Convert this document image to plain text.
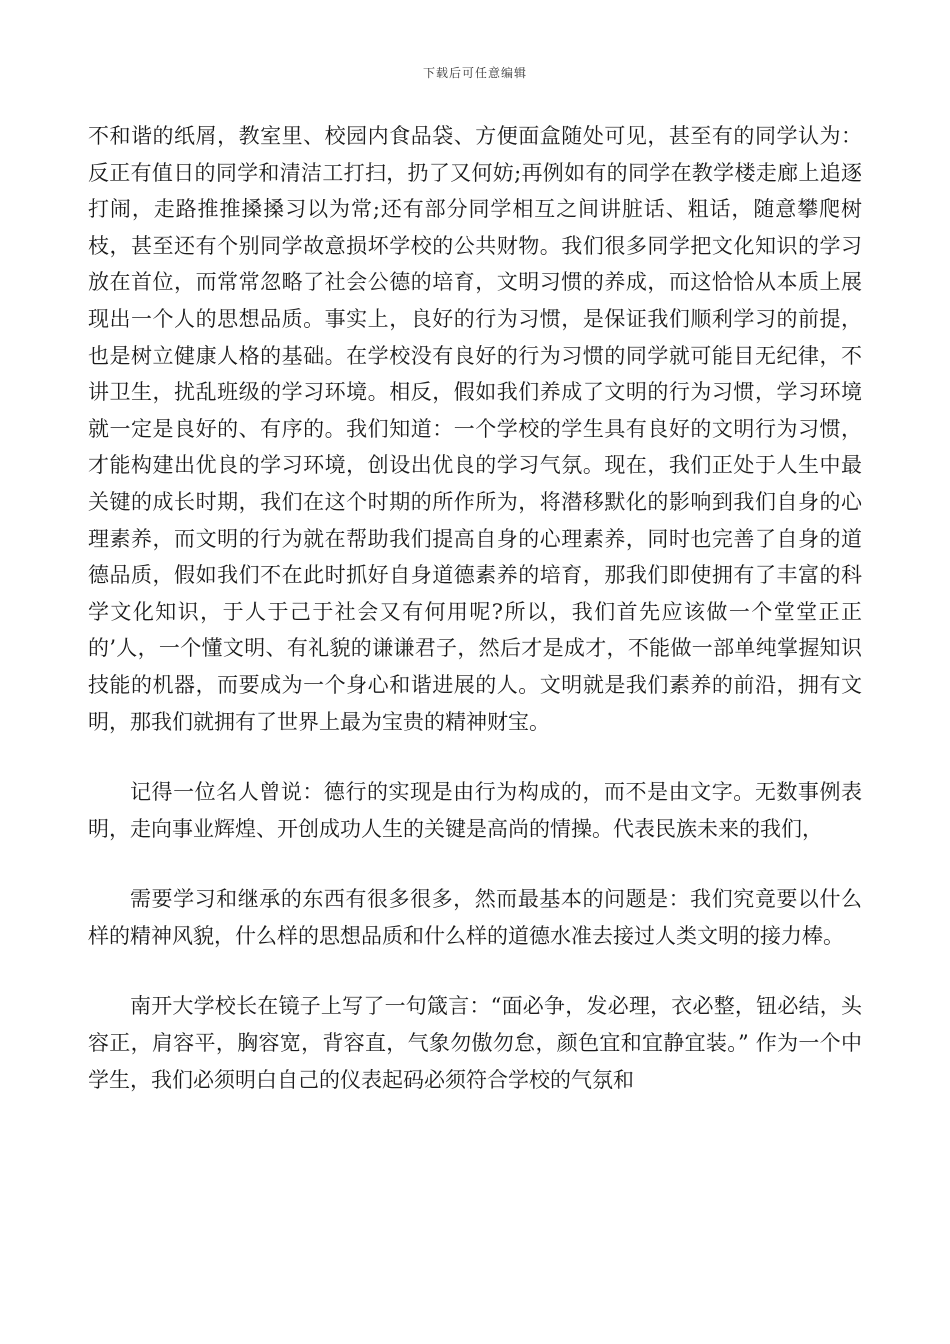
下载后可任意编辑

不和谐的纸屑，教室里、校园内食品袋、方便面盒随处可见，甚至有的同学认为：反正有值日的同学和清洁工打扫，扔了又何妨;再例如有的同学在教学楼走廊上追逐打闹，走路推推搡搡习以为常;还有部分同学相互之间讲脏话、粗话，随意攀爬树枝，甚至还有个别同学故意损坏学校的公共财物。我们很多同学把文化知识的学习放在首位，而常常忽略了社会公德的培育，文明习惯的养成，而这恰恰从本质上展现出一个人的思想品质。事实上，良好的行为习惯，是保证我们顺利学习的前提，也是树立健康人格的基础。在学校没有良好的行为习惯的同学就可能目无纪律，不讲卫生，扰乱班级的学习环境。相反，假如我们养成了文明的行为习惯，学习环境就一定是良好的、有序的。我们知道：一个学校的学生具有良好的文明行为习惯，才能构建出优良的学习环境，创设出优良的学习气氛。现在，我们正处于人生中最关键的成长时期，我们在这个时期的所作所为，将潜移默化的影响到我们自身的心理素养，而文明的行为就在帮助我们提高自身的心理素养，同时也完善了自身的道德品质，假如我们不在此时抓好自身道德素养的培育，那我们即使拥有了丰富的科学文化知识，于人于己于社会又有何用呢?所以，我们首先应该做一个堂堂正正的’人，一个懂文明、有礼貌的谦谦君子，然后才是成才，不能做一部单纯掌握知识技能的机器，而要成为一个身心和谐进展的人。文明就是我们素养的前沿，拥有文明，那我们就拥有了世界上最为宝贵的精神财宝。

记得一位名人曾说：德行的实现是由行为构成的，而不是由文字。无数事例表明，走向事业辉煌、开创成功人生的关键是高尚的情操。代表民族未来的我们，

需要学习和继承的东西有很多很多，然而最基本的问题是：我们究竟要以什么样的精神风貌，什么样的思想品质和什么样的道德水准去接过人类文明的接力棒。

南开大学校长在镜子上写了一句箴言：“面必争，发必理，衣必整，钮必结，头容正，肩容平，胸容宽，背容直，气象勿傲勿怠，颜色宜和宜静宜装。” 作为一个中学生，我们必须明白自己的仪表起码必须符合学校的气氛和
